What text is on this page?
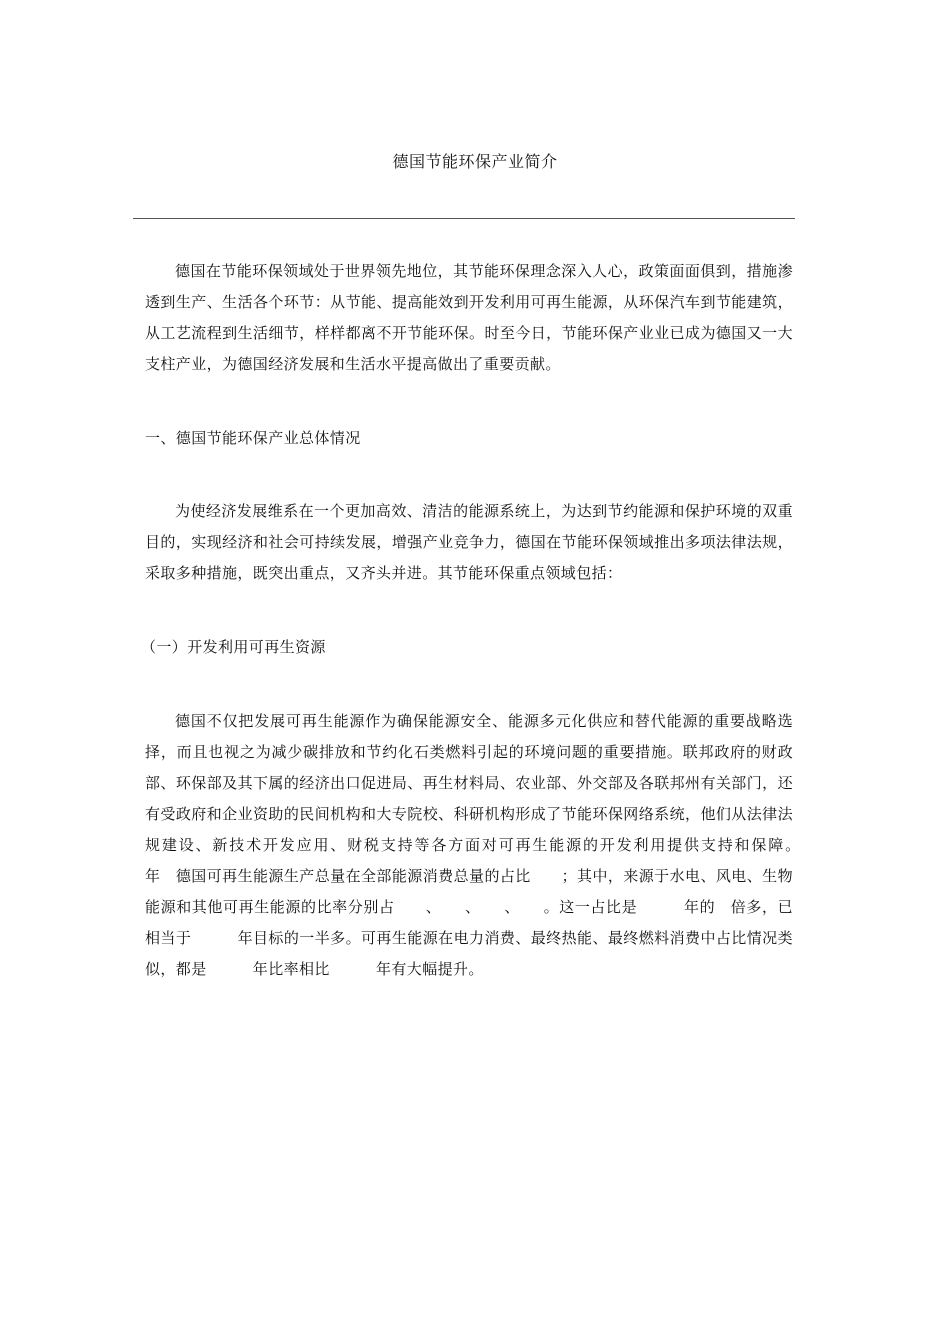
德国节能环保产业简介

德国在节能环保领域处于世界领先地位，其节能环保理念深入人心，政策面面俱到，措施渗透到生产、生活各个环节：从节能、提高能效到开发利用可再生能源，从环保汽车到节能建筑，从工艺流程到生活细节，样样都离不开节能环保。时至今日，节能环保产业业已成为德国又一大支柱产业，为德国经济发展和生活水平提高做出了重要贡献。

一、德国节能环保产业总体情况

为使经济发展维系在一个更加高效、清洁的能源系统上，为达到节约能源和保护环境的双重目的，实现经济和社会可持续发展，增强产业竞争力，德国在节能环保领域推出多项法律法规，采取多种措施，既突出重点，又齐头并进。其节能环保重点领域包括：

（一）开发利用可再生资源

德国不仅把发展可再生能源作为确保能源安全、能源多元化供应和替代能源的重要战略选择，而且也视之为减少碳排放和节约化石类燃料引起的环境问题的重要措施。联邦政府的财政部、环保部及其下属的经济出口促进局、再生材料局、农业部、外交部及各联邦州有关部门，还有受政府和企业资助的民间机构和大专院校、科研机构形成了节能环保网络系统，他们从法律法规建设、新技术开发应用、财税支持等各方面对可再生能源的开发利用提供支持和保障。　　　年　德国可再生能源生产总量在全部能源消费总量的占比　　；其中，来源于水电、风电、生物能源和其他可再生能源的比率分别占　　、　　、　　、　　。这一占比是　　　年的　倍多，已相当于　　　年目标的一半多。可再生能源在电力消费、最终热能、最终燃料消费中占比情况类似，都是　　　年比率相比　　　年有大幅提升。
